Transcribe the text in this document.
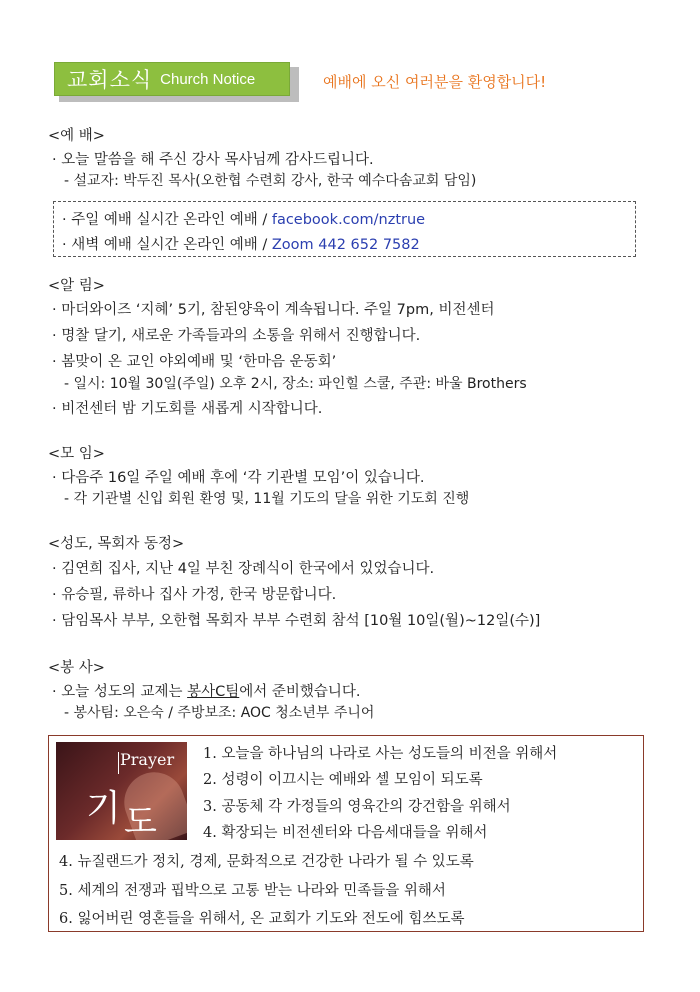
교회소식 Church Notice	예배에 오신 여러분을 환영합니다!
<예 배>
· 오늘 말씀을 해 주신 강사 목사님께 감사드립니다.
- 설교자: 박두진 목사(오한협 수련회 강사, 한국 예수다솜교회 담임)
· 주일 예배 실시간 온라인 예배 / facebook.com/nztrue
· 새벽 예배 실시간 온라인 예배 / Zoom 442 652 7582
<알 림>
· 마더와이즈 ‘지혜’ 5기, 참된양육이 계속됩니다. 주일 7pm, 비전센터
· 명찰 달기, 새로운 가족들과의 소통을 위해서 진행합니다.
· 봄맞이 온 교인 야외예배 및 ‘한마음 운동회’
- 일시: 10월 30일(주일) 오후 2시, 장소: 파인힐 스쿨, 주관: 바울 Brothers
· 비전센터 밤 기도회를 새롭게 시작합니다.
<모 임>
· 다음주 16일 주일 예배 후에 ‘각 기관별 모임’이 있습니다.
- 각 기관별 신입 회원 환영 및, 11월 기도의 달을 위한 기도회 진행
<성도, 목회자 동정>
· 김연희 집사, 지난 4일 부친 장례식이 한국에서 있었습니다.
· 유승필, 류하나 집사 가정, 한국 방문합니다.
· 담임목사 부부, 오한협 목회자 부부 수련회 참석 [10월 10일(월)~12일(수)]
<봉 사>
· 오늘 성도의 교제는 봉사C팀에서 준비했습니다.
- 봉사팀: 오은숙 / 주방보조: AOC 청소년부 주니어
Prayer
기 도
1. 오늘을 하나님의 나라로 사는 성도들의 비전을 위해서
2. 성령이 이끄시는 예배와 셀 모임이 되도록
3. 공동체 각 가정들의 영육간의 강건함을 위해서
4. 확장되는 비전센터와 다음세대들을 위해서
4. 뉴질랜드가 정치, 경제, 문화적으로 건강한 나라가 될 수 있도록
5. 세계의 전쟁과 핍박으로 고통 받는 나라와 민족들을 위해서
6. 잃어버린 영혼들을 위해서, 온 교회가 기도와 전도에 힘쓰도록
